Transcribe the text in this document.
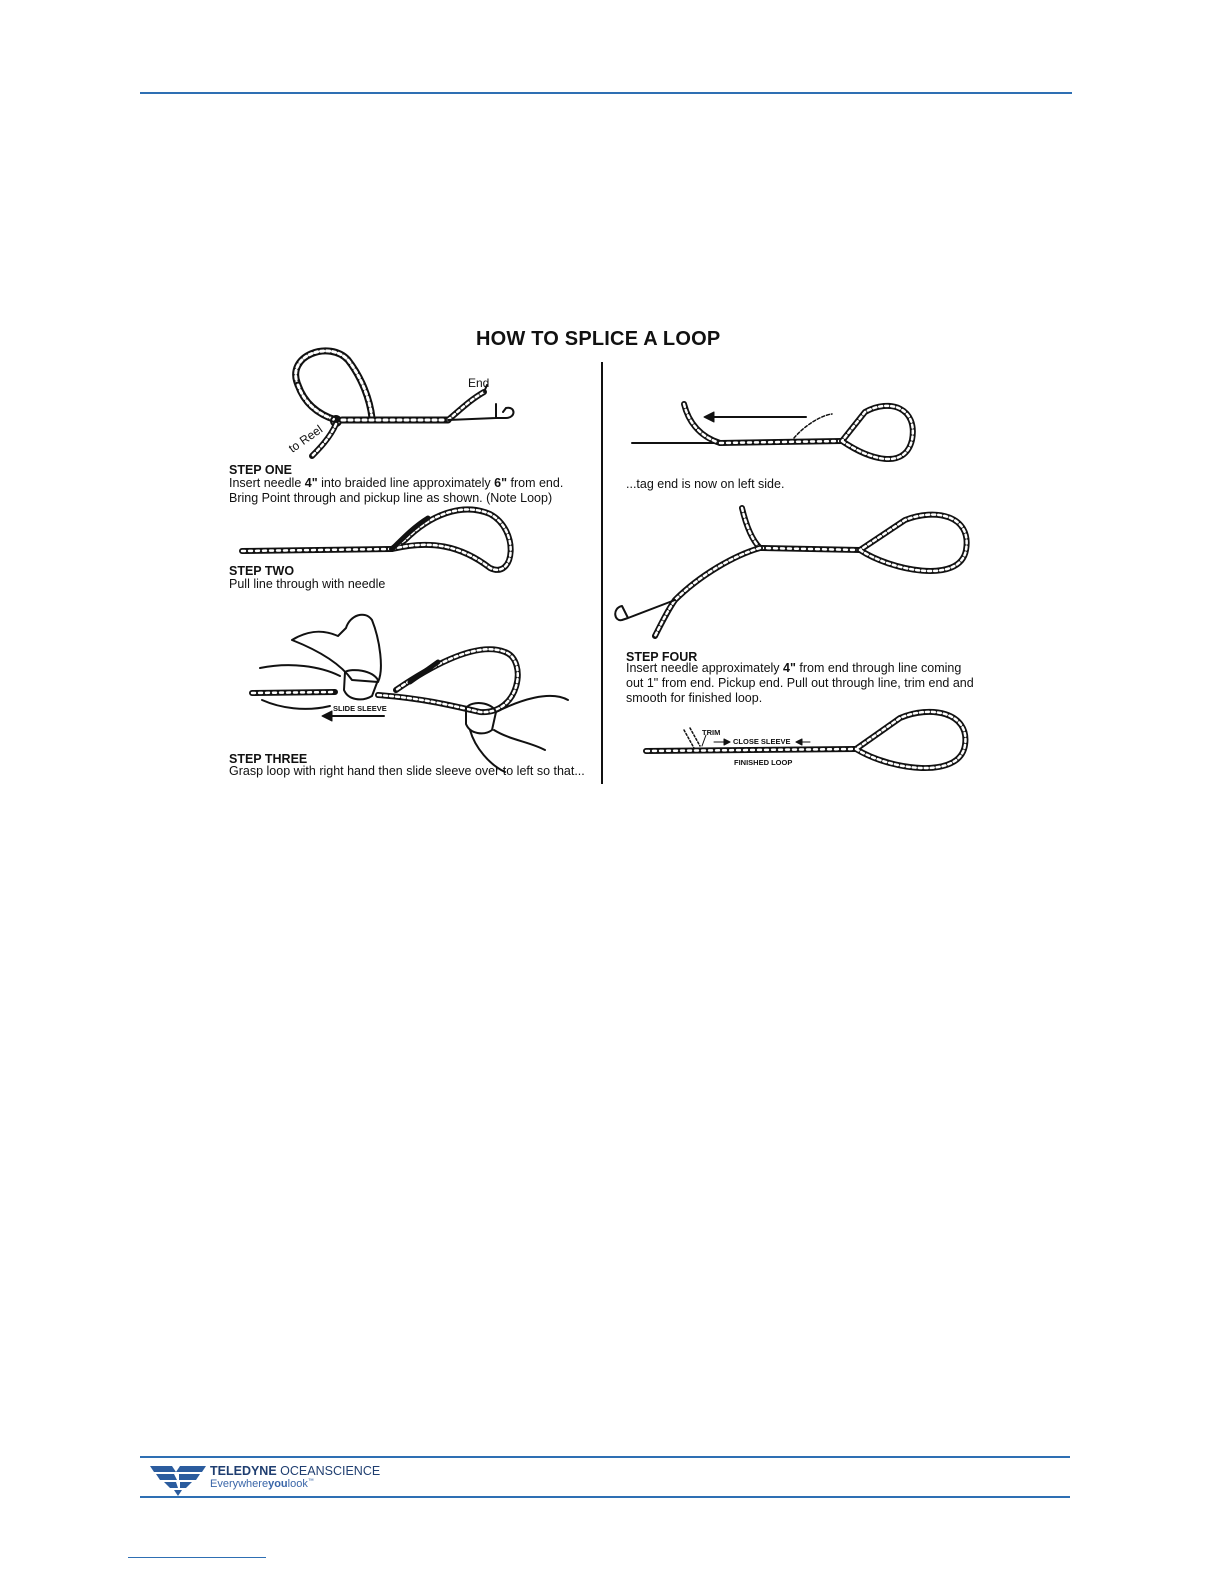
HOW TO SPLICE A LOOP
End
to Reel
SLIDE SLEEVE
TRIM
CLOSE SLEEVE
FINISHED LOOP
STEP ONE
Insert needle 4" into braided line approximately 6" from end.
Bring Point through and pickup line as shown. (Note Loop)
STEP TWO
Pull line through with needle
STEP THREE
Grasp loop with right hand then slide sleeve over to left so that...
...tag end is now on left side.
STEP FOUR
Insert needle approximately 4" from end through line coming
out 1" from end. Pickup end. Pull out through line, trim end and
smooth for finished loop.
TELEDYNE OCEANSCIENCE
Everywhereyoulook™
